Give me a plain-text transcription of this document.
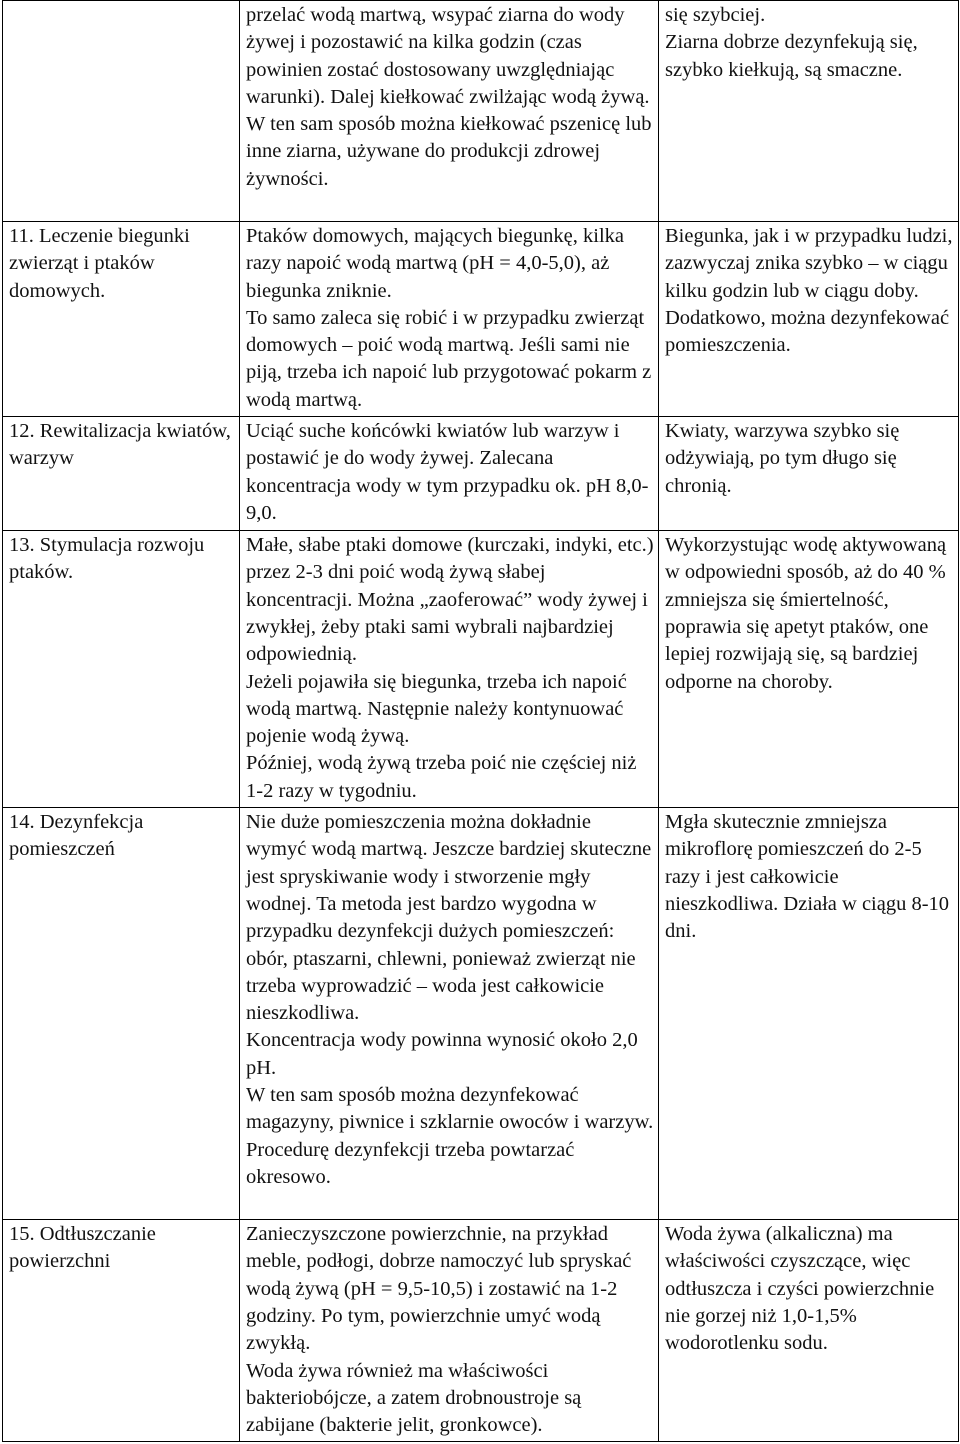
	przelać wodą martwą, wsypać ziarna do wody żywej i pozostawić na kilka godzin (czas powinien zostać dostosowany uwzględniając warunki). Dalej kiełkować zwilżając wodą żywą.
W ten sam sposób można kiełkować pszenicę lub inne ziarna, używane do produkcji zdrowej żywności.	się szybciej.
Ziarna dobrze dezynfekują się, szybko kiełkują, są smaczne.

11. Leczenie biegunki zwierząt i ptaków domowych.	Ptaków domowych, mających biegunkę, kilka razy napoić wodą martwą (pH = 4,0-5,0), aż biegunka zniknie.
To samo zaleca się robić i w przypadku zwierząt domowych – poić wodą martwą. Jeśli sami nie piją, trzeba ich napoić lub przygotować pokarm z wodą martwą.	Biegunka, jak i w przypadku ludzi, zazwyczaj znika szybko – w ciągu kilku godzin lub w ciągu doby.
Dodatkowo, można dezynfekować pomieszczenia.

12. Rewitalizacja kwiatów, warzyw	Uciąć suche końcówki kwiatów lub warzyw i postawić je do wody żywej. Zalecana koncentracja wody w tym przypadku ok. pH 8,0-9,0.	Kwiaty, warzywa szybko się odżywiają, po tym długo się chronią.

13. Stymulacja rozwoju ptaków.	Małe, słabe ptaki domowe (kurczaki, indyki, etc.) przez 2-3 dni poić wodą żywą słabej koncentracji. Można „zaoferować” wody żywej i zwykłej, żeby ptaki sami wybrali najbardziej odpowiednią.
Jeżeli pojawiła się biegunka, trzeba ich napoić wodą martwą. Następnie należy kontynuować pojenie wodą żywą.
Później, wodą żywą trzeba poić nie częściej niż 1-2 razy w tygodniu.	Wykorzystując wodę aktywowaną w odpowiedni sposób, aż do 40 % zmniejsza się śmiertelność, poprawia się apetyt ptaków, one lepiej rozwijają się, są bardziej odporne na choroby.

14. Dezynfekcja pomieszczeń	Nie duże pomieszczenia można dokładnie wymyć wodą martwą. Jeszcze bardziej skuteczne jest spryskiwanie wody i stworzenie mgły wodnej. Ta metoda jest bardzo wygodna w przypadku dezynfekcji dużych pomieszczeń: obór, ptaszarni, chlewni, ponieważ zwierząt nie trzeba wyprowadzić – woda jest całkowicie nieszkodliwa.
Koncentracja wody powinna wynosić około 2,0 pH.
W ten sam sposób można dezynfekować magazyny, piwnice i szklarnie owoców i warzyw. Procedurę dezynfekcji trzeba powtarzać okresowo.	Mgła skutecznie zmniejsza mikroflorę pomieszczeń do 2-5 razy i jest całkowicie nieszkodliwa. Działa w ciągu 8-10 dni.

15. Odtłuszczanie powierzchni	Zanieczyszczone powierzchnie, na przykład meble, podłogi, dobrze namoczyć lub spryskać wodą żywą (pH = 9,5-10,5) i zostawić na 1-2 godziny. Po tym, powierzchnie umyć wodą zwykłą.
Woda żywa również ma właściwości bakteriobójcze, a zatem drobnoustroje są zabijane (bakterie jelit, gronkowce).	Woda żywa (alkaliczna) ma właściwości czyszczące, więc odtłuszcza i czyści powierzchnie nie gorzej niż 1,0-1,5% wodorotlenku sodu.
